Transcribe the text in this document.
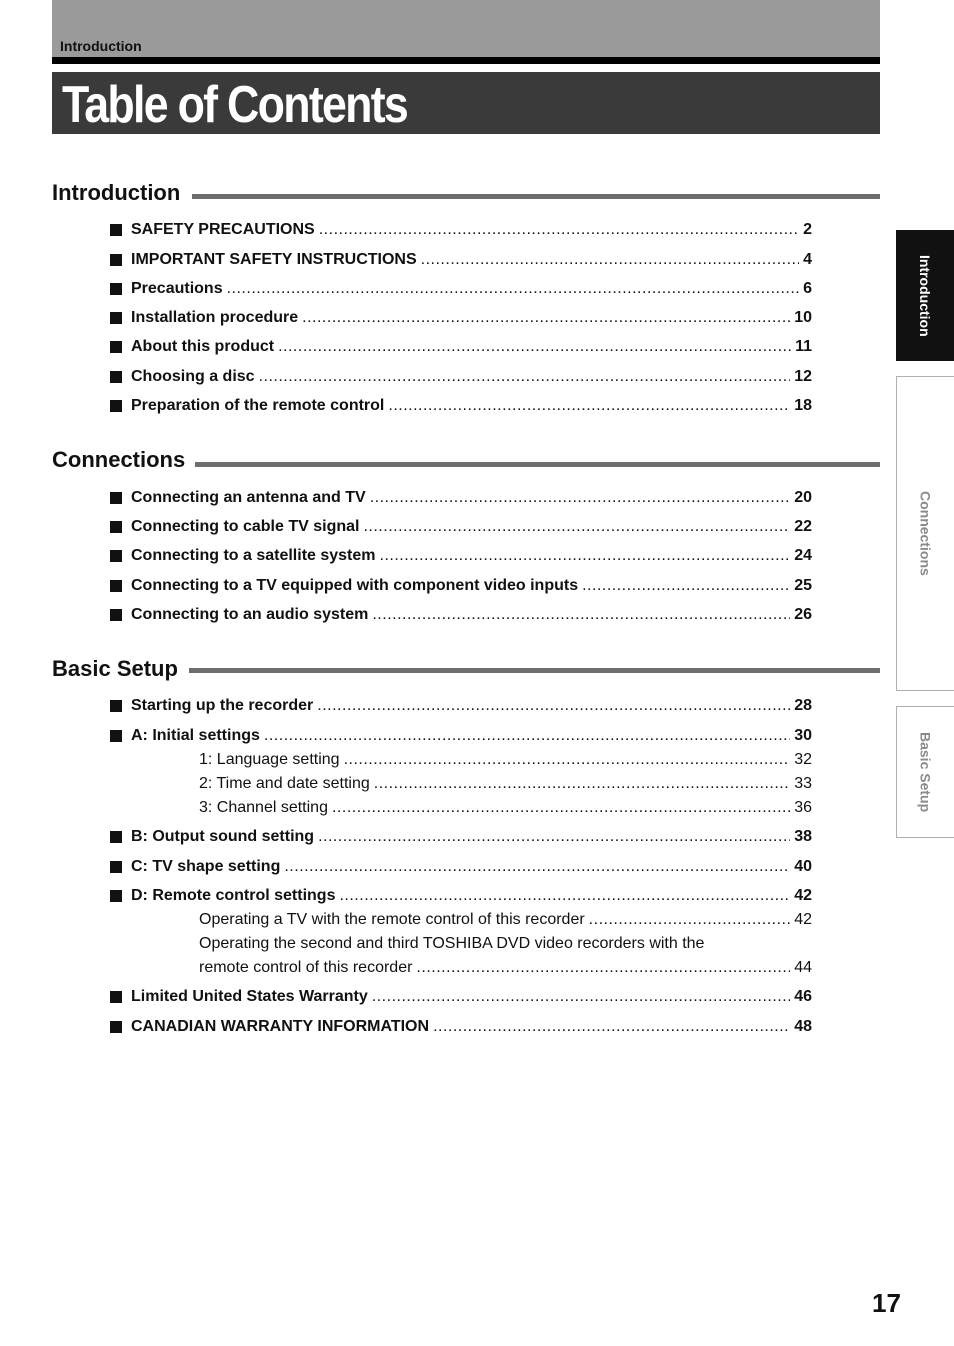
Introduction
Table of Contents
Introduction
SAFETY PRECAUTIONS .....	2
IMPORTANT SAFETY INSTRUCTIONS .....	4
Precautions .....	6
Installation procedure .....	10
About this product .....	11
Choosing a disc .....	12
Preparation of the remote control .....	18
Connections
Connecting an antenna and TV .....	20
Connecting to cable TV signal .....	22
Connecting to a satellite system .....	24
Connecting to a TV equipped with component video inputs .....	25
Connecting to an audio system .....	26
Basic Setup
Starting up the recorder .....	28
A: Initial settings .....	30
1: Language setting .....	32
2: Time and date setting .....	33
3: Channel setting .....	36
B: Output sound setting .....	38
C: TV shape setting .....	40
D: Remote control settings .....	42
Operating a TV with the remote control of this recorder .....	42
Operating the second and third TOSHIBA DVD video recorders with the
remote control of this recorder .....	44
Limited United States Warranty .....	46
CANADIAN WARRANTY INFORMATION .....	48
Introduction
Connections
Basic Setup
17
